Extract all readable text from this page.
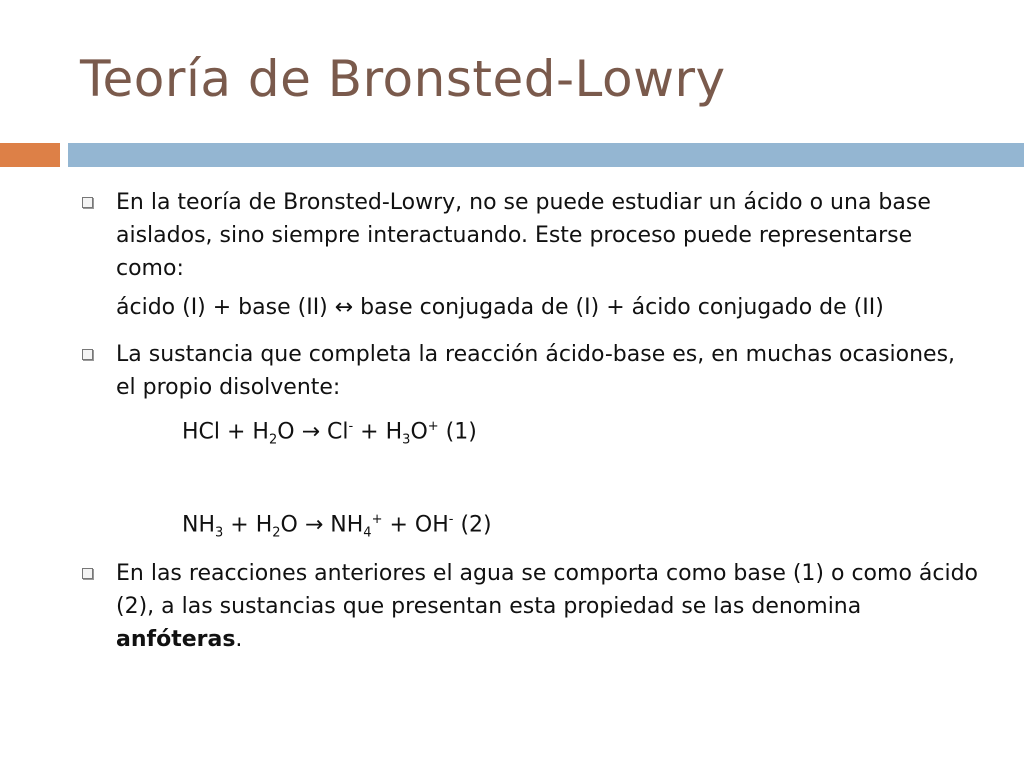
Teoría de Bronsted-Lowry
En la teoría de Bronsted-Lowry, no se puede estudiar un ácido o una base aislados, sino siempre interactuando. Este proceso puede representarse como:
ácido (I) + base (II) ↔ base conjugada de (I) + ácido conjugado de (II)
La sustancia que completa la reacción ácido-base es, en muchas ocasiones, el propio disolvente:
HCl + $H_2O \to Cl^- + H_3O^+$ (1)
$NH_3 + H_2O \to NH_4^+ + OH^-$ (2)
En las reacciones anteriores el agua se comporta como base (1) o como ácido (2), a las sustancias que presentan esta propiedad se las denomina anfóteras.
